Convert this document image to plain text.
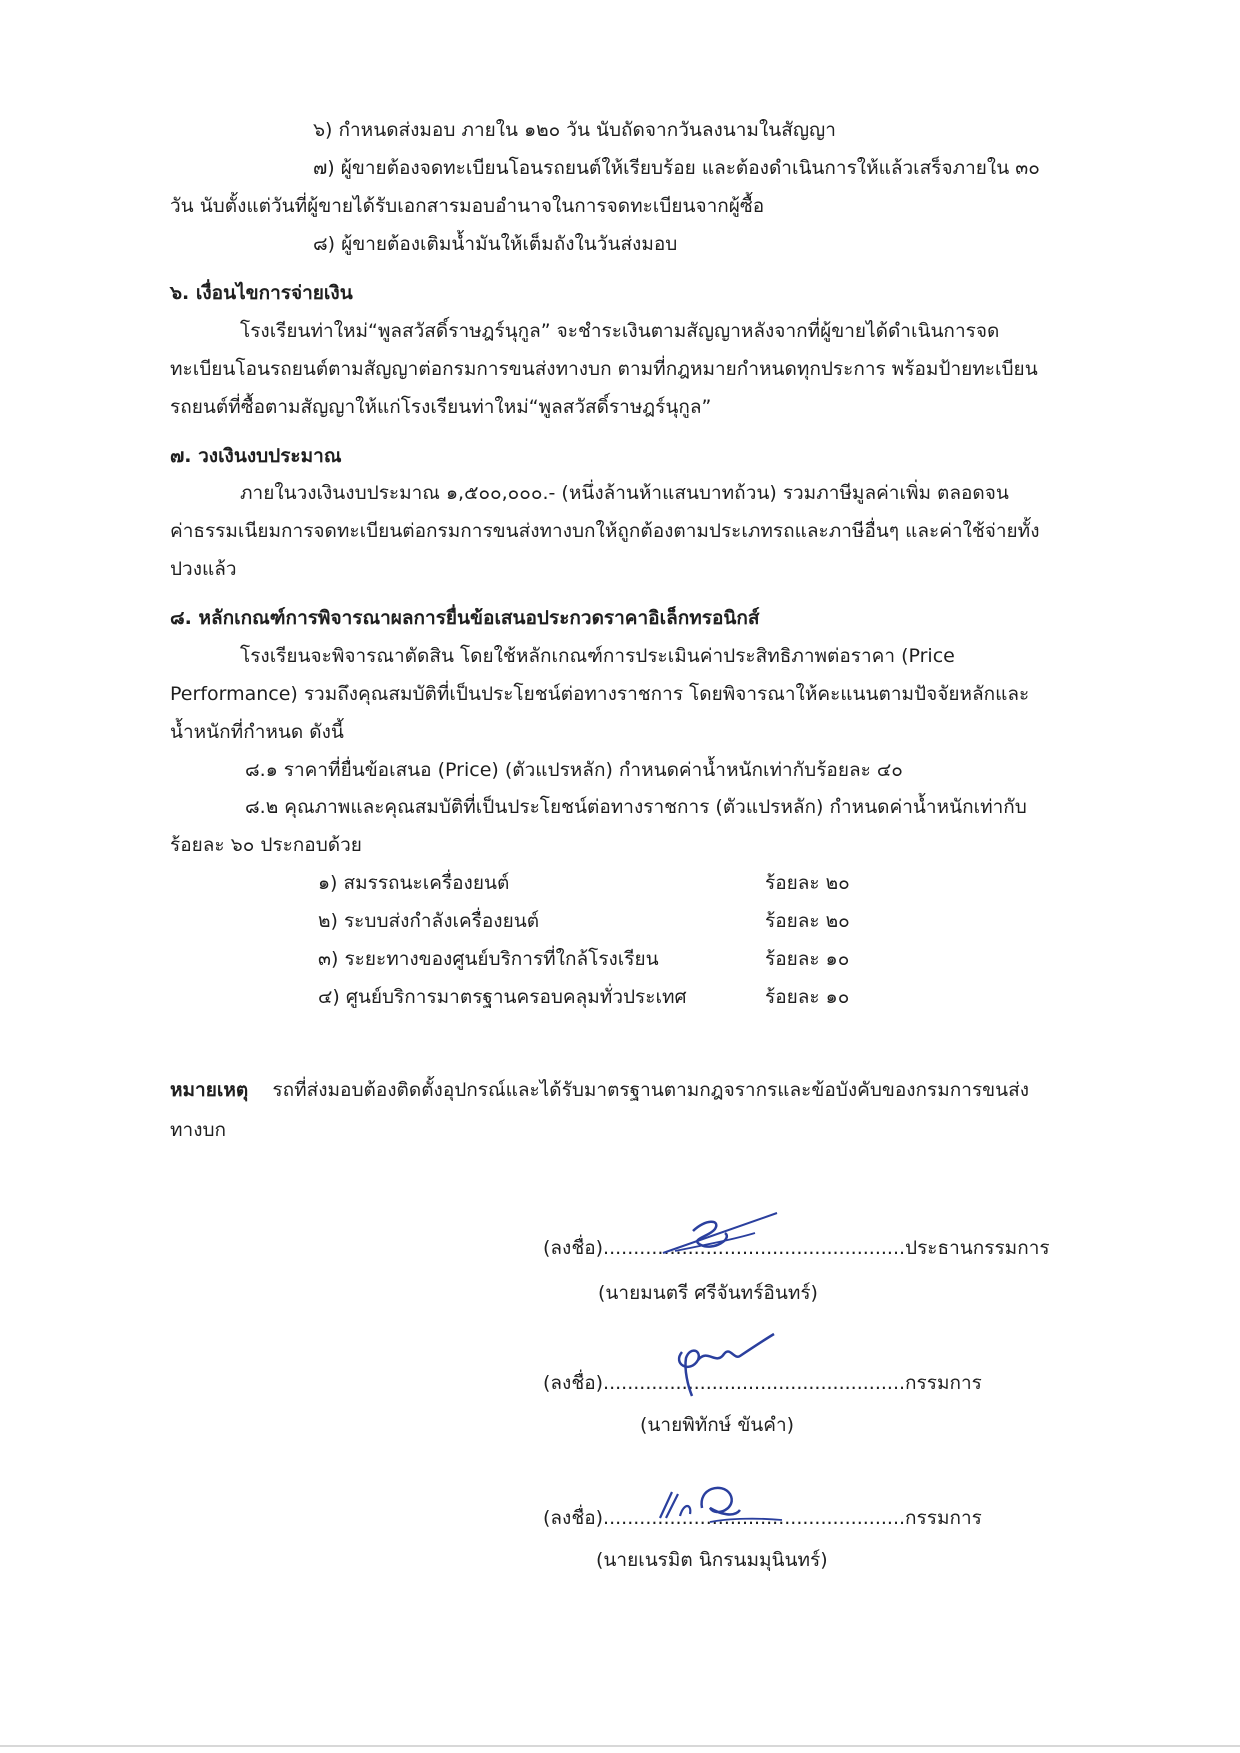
๖) กำหนดส่งมอบ ภายใน ๑๒๐ วัน นับถัดจากวันลงนามในสัญญา
๗) ผู้ขายต้องจดทะเบียนโอนรถยนต์ให้เรียบร้อย และต้องดำเนินการให้แล้วเสร็จภายใน ๓๐
วัน นับตั้งแต่วันที่ผู้ขายได้รับเอกสารมอบอำนาจในการจดทะเบียนจากผู้ซื้อ
๘) ผู้ขายต้องเติมน้ำมันให้เต็มถังในวันส่งมอบ
๖. เงื่อนไขการจ่ายเงิน
โรงเรียนท่าใหม่“พูลสวัสดิ์ราษฎร์นุกูล” จะชำระเงินตามสัญญาหลังจากที่ผู้ขายได้ดำเนินการจด
ทะเบียนโอนรถยนต์ตามสัญญาต่อกรมการขนส่งทางบก ตามที่กฎหมายกำหนดทุกประการ พร้อมป้ายทะเบียน
รถยนต์ที่ซื้อตามสัญญาให้แก่โรงเรียนท่าใหม่“พูลสวัสดิ์ราษฎร์นุกูล”
๗. วงเงินงบประมาณ
ภายในวงเงินงบประมาณ ๑,๕๐๐,๐๐๐.- (หนึ่งล้านห้าแสนบาทถ้วน) รวมภาษีมูลค่าเพิ่ม ตลอดจน
ค่าธรรมเนียมการจดทะเบียนต่อกรมการขนส่งทางบกให้ถูกต้องตามประเภทรถและภาษีอื่นๆ และค่าใช้จ่ายทั้ง
ปวงแล้ว
๘. หลักเกณฑ์การพิจารณาผลการยื่นข้อเสนอประกวดราคาอิเล็กทรอนิกส์
โรงเรียนจะพิจารณาตัดสิน โดยใช้หลักเกณฑ์การประเมินค่าประสิทธิภาพต่อราคา (Price
Performance) รวมถึงคุณสมบัติที่เป็นประโยชน์ต่อทางราชการ โดยพิจารณาให้คะแนนตามปัจจัยหลักและ
น้ำหนักที่กำหนด ดังนี้
๘.๑ ราคาที่ยื่นข้อเสนอ (Price) (ตัวแปรหลัก) กำหนดค่าน้ำหนักเท่ากับร้อยละ ๔๐
๘.๒ คุณภาพและคุณสมบัติที่เป็นประโยชน์ต่อทางราชการ (ตัวแปรหลัก) กำหนดค่าน้ำหนักเท่ากับ
ร้อยละ ๖๐ ประกอบด้วย
๑) สมรรถนะเครื่องยนต์	ร้อยละ ๒๐
๒) ระบบส่งกำลังเครื่องยนต์	ร้อยละ ๒๐
๓) ระยะทางของศูนย์บริการที่ใกล้โรงเรียน	ร้อยละ ๑๐
๔) ศูนย์บริการมาตรฐานครอบคลุมทั่วประเทศ	ร้อยละ ๑๐
หมายเหตุ รถที่ส่งมอบต้องติดตั้งอุปกรณ์และได้รับมาตรฐานตามกฎจรากรและข้อบังคับของกรมการขนส่ง
ทางบก
(ลงชื่อ)..................................................ประธานกรรมการ
(นายมนตรี ศรีจันทร์อินทร์)
(ลงชื่อ)..................................................กรรมการ
(นายพิทักษ์ ขันคำ)
(ลงชื่อ)..................................................กรรมการ
(นายเนรมิต นิกรนมมุนินทร์)
